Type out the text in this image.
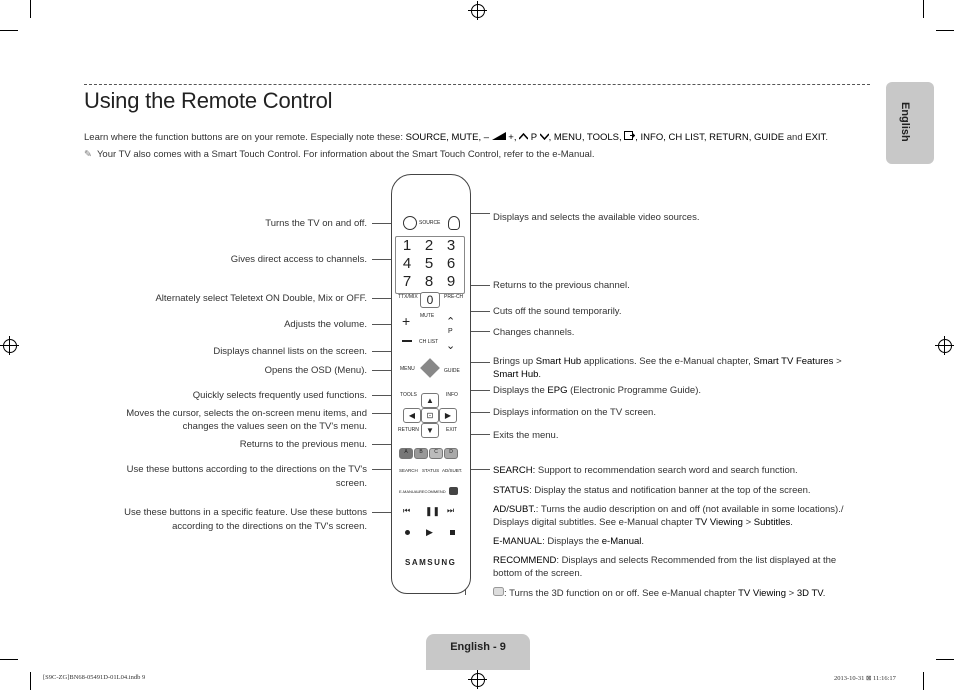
Using the Remote Control
Learn where the function buttons are on your remote. Especially note these: SOURCE, MUTE, – +,  P , MENU, TOOLS, , INFO, CH LIST, RETURN, GUIDE and EXIT.
✎ Your TV also comes with a Smart Touch Control. For information about the Smart Touch Control, refer to the e-Manual.
English
Turns the TV on and off.
Gives direct access to channels.
Alternately select Teletext ON Double, Mix or OFF.
Adjusts the volume.
Displays channel lists on the screen.
Opens the OSD (Menu).
Quickly selects frequently used functions.
Moves the cursor, selects the on-screen menu items, and
changes the values seen on the TV's menu.
Returns to the previous menu.
Use these buttons according to the directions on the TV's
screen.
Use these buttons in a specific feature. Use these buttons
according to the directions on the TV's screen.
Displays and selects the available video sources.
Returns to the previous channel.
Cuts off the sound temporarily.
Changes channels.
Brings up Smart Hub applications. See the e-Manual chapter, Smart TV Features >
Smart Hub.
Displays the EPG (Electronic Programme Guide).
Displays information on the TV screen.
Exits the menu.
SEARCH: Support to recommendation search word and search function.
STATUS: Display the status and notification banner at the top of the screen.
AD/SUBT.: Turns the audio description on and off (not available in some locations)./
Displays digital subtitles. See e-Manual chapter TV Viewing > Subtitles.
E-MANUAL: Displays the e-Manual.
RECOMMEND: Displays and selects Recommended from the list displayed at the
bottom of the screen.
: Turns the 3D function on or off. See e-Manual chapter TV Viewing > 3D TV.
SOURCE
1 2 3
4 5 6
7 8 9
TTX/MIX 0	PRE-CH
+ MUTE ⌃
P
CH LIST ⌄
MENU	GUIDE
TOOLS	INFO
▲
◀	⊡	▶
▼
RETURN	EXIT
A	B	C	D
SEARCH STATUS AD/SUBT.
E-MANUAL RECOMMEND
⏮ ❚❚ ⏭
▶
SAMSUNG
English - 9
[S9C-ZG]BN68-05491D-01L04.indb 9	2013-10-31 ⊠ 11:16:17
